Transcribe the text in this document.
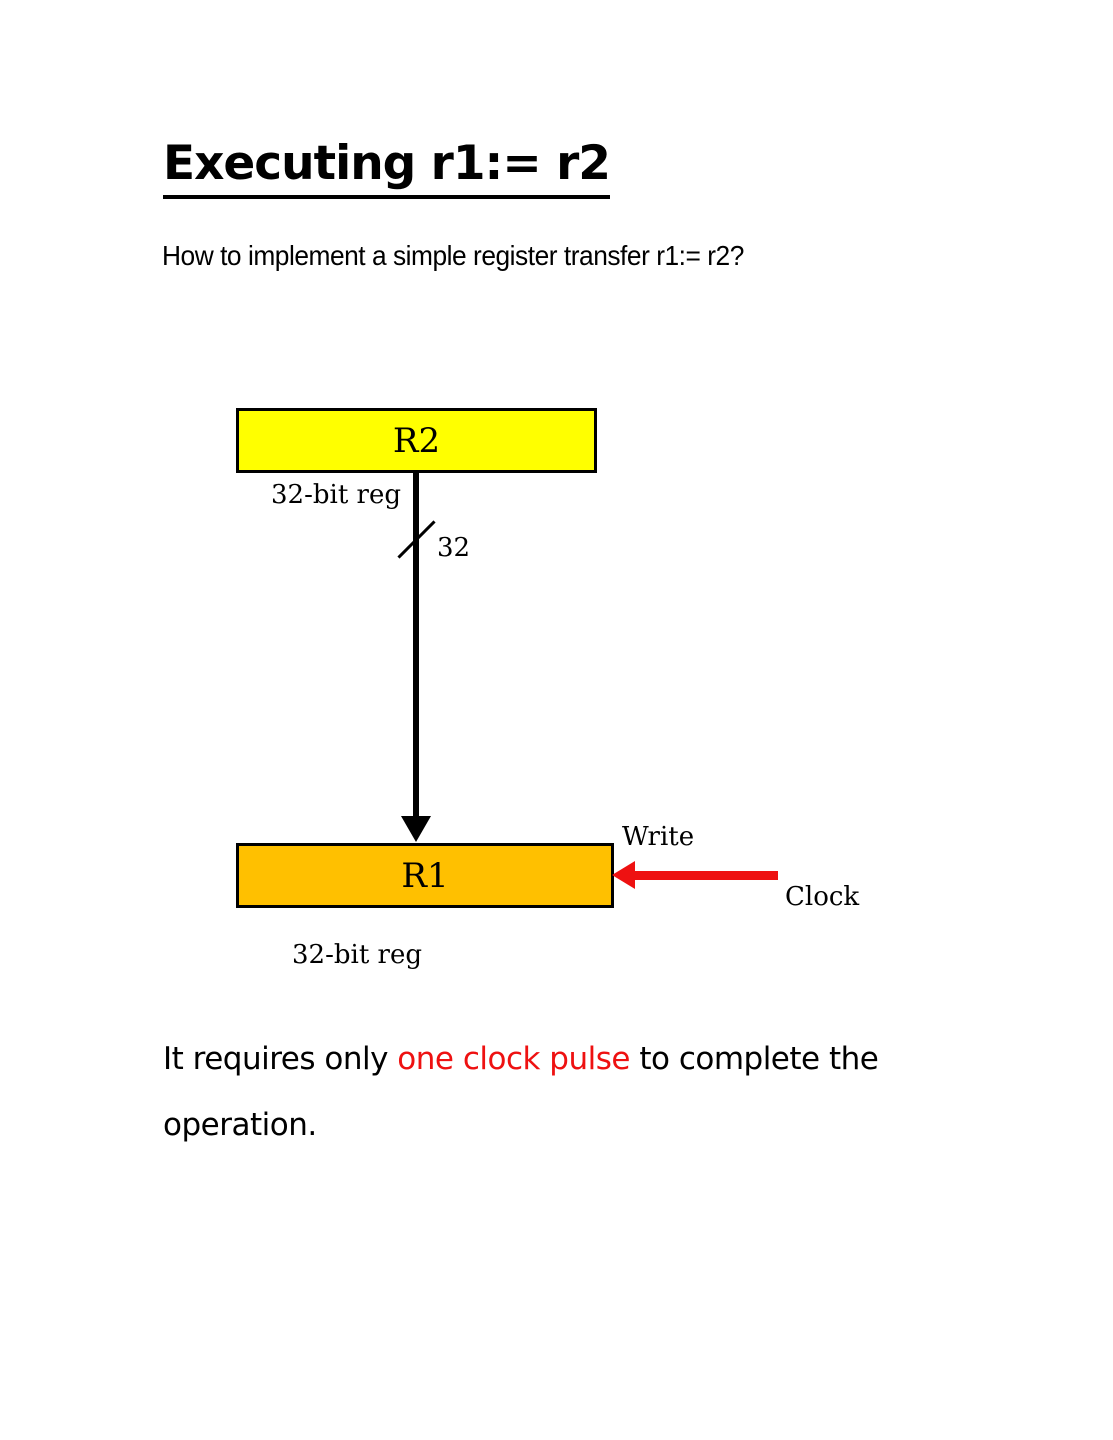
Executing r1:= r2
How to implement a simple register transfer r1:= r2?
R2
32-bit reg
32
R1
Write
Clock
32-bit reg
It requires only one clock pulse to complete the
operation.
